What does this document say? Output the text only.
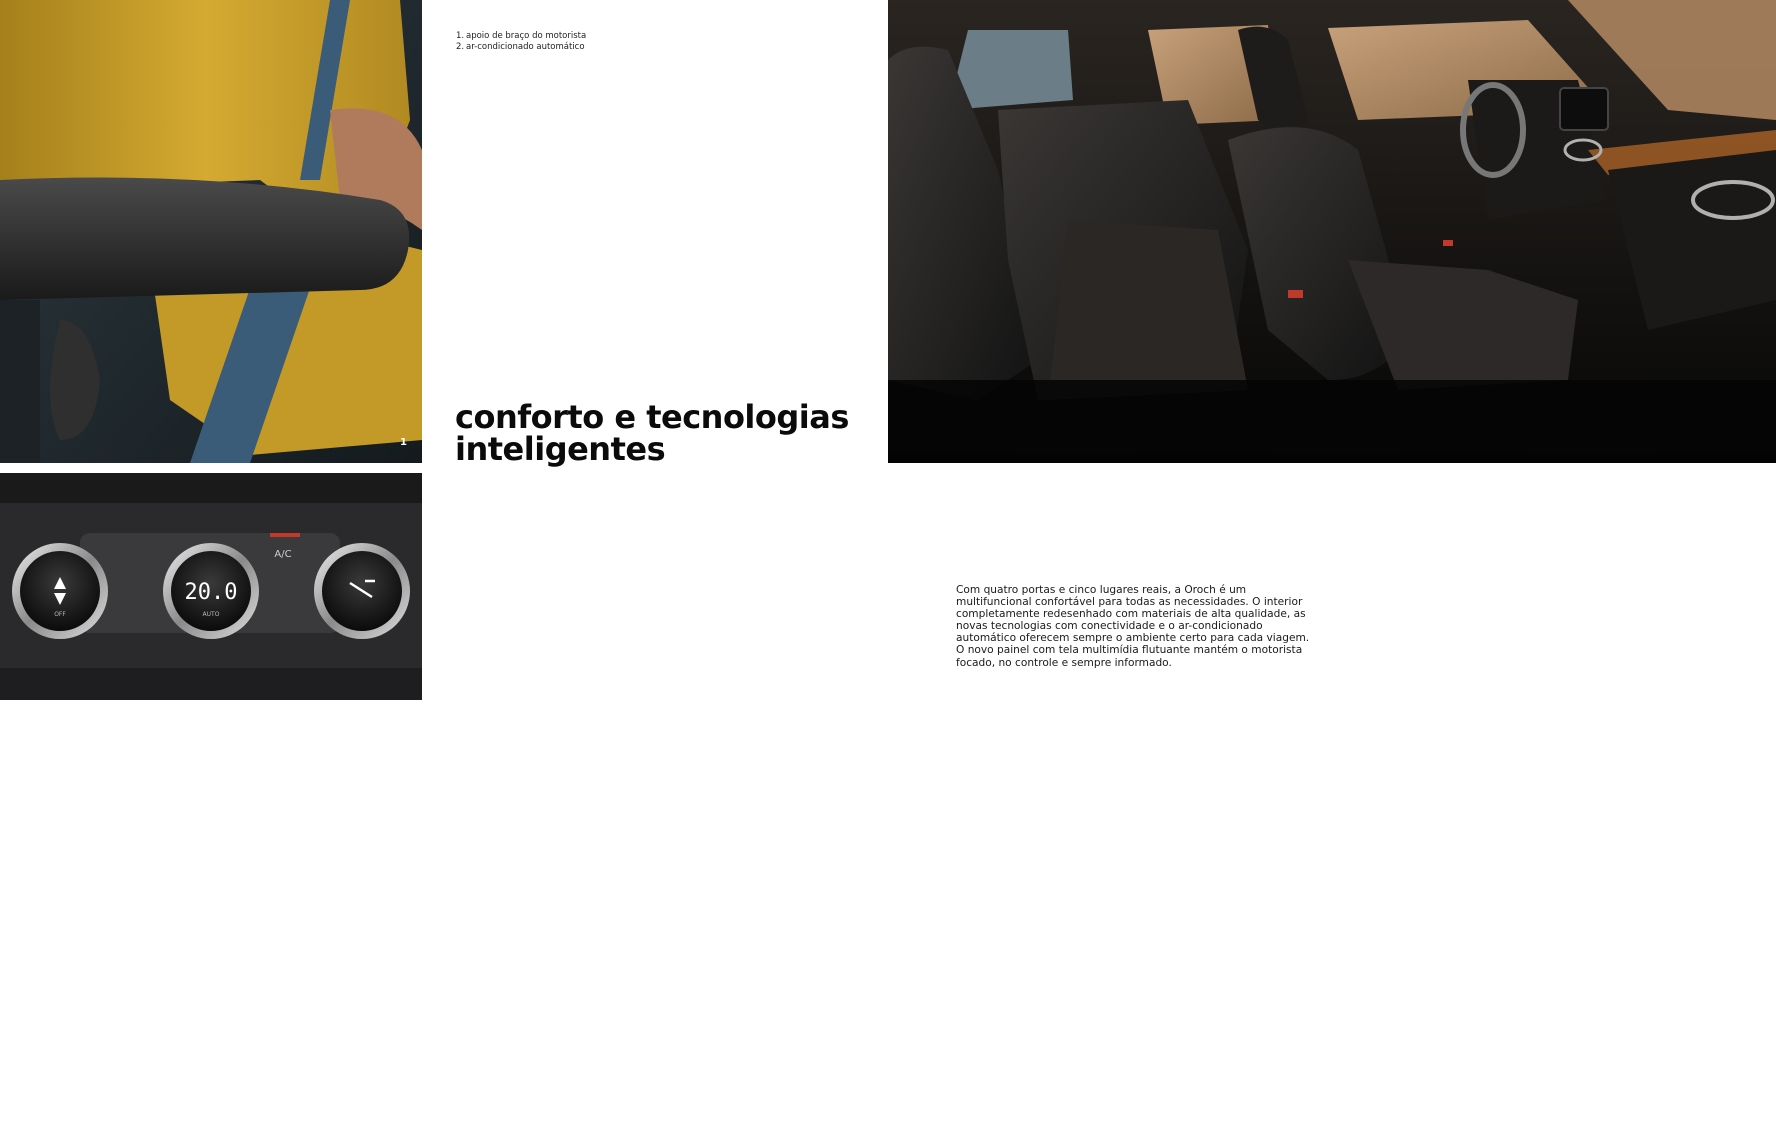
1
20.0
AUTO
OFF
A/C
2
1. apoio de braço do motorista
2. ar-condicionado automático
conforto e tecnologias
inteligentes

Com quatro portas e cinco lugares reais, a Oroch é um multifuncional confortável para todas as necessidades. O interior completamente redesenhado com materiais de alta qualidade, as novas tecnologias com conectividade e o ar-condicionado automático oferecem sempre o ambiente certo para cada viagem. O novo painel com tela multimídia flutuante mantém o motorista focado, no controle e sempre informado.
